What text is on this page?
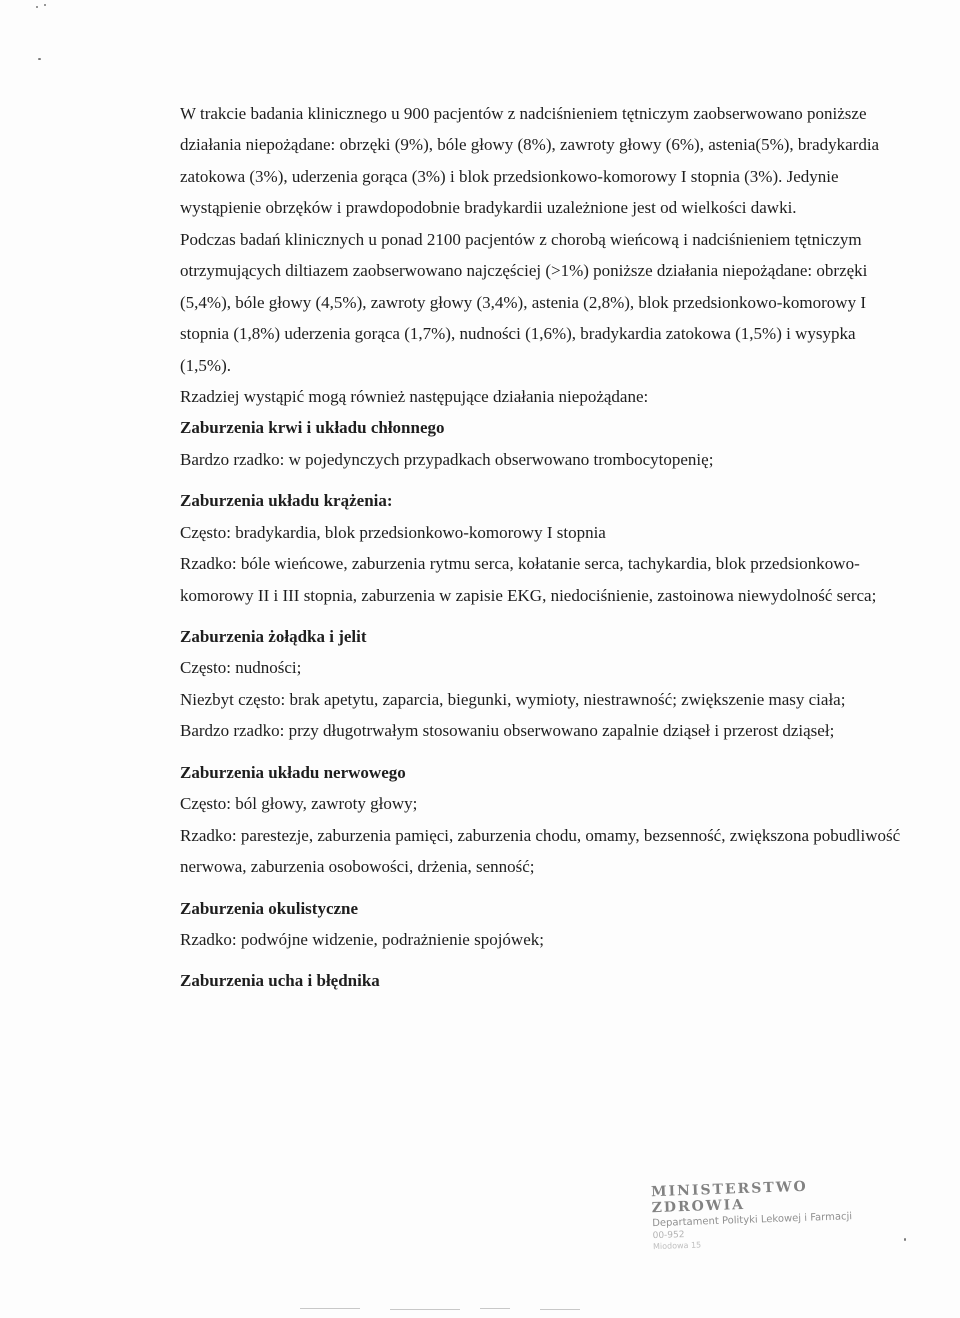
W trakcie badania klinicznego u 900 pacjentów z nadciśnieniem tętniczym zaobserwowano poniższe działania niepożądane: obrzęki (9%), bóle głowy (8%), zawroty głowy (6%), astenia(5%), bradykardia zatokowa (3%), uderzenia gorąca (3%) i blok przedsionkowo-komorowy I stopnia (3%). Jedynie wystąpienie obrzęków i prawdopodobnie bradykardii uzależnione jest od wielkości dawki.

Podczas badań klinicznych u ponad 2100 pacjentów z chorobą wieńcową i nadciśnieniem tętniczym otrzymujących diltiazem zaobserwowano najczęściej (>1%) poniższe działania niepożądane: obrzęki (5,4%), bóle głowy (4,5%), zawroty głowy (3,4%), astenia (2,8%), blok przedsionkowo-komorowy I stopnia (1,8%) uderzenia gorąca (1,7%), nudności (1,6%), bradykardia zatokowa (1,5%) i wysypka (1,5%).

Rzadziej wystąpić mogą również następujące działania niepożądane:

Zaburzenia krwi i układu chłonnego

Bardzo rzadko: w pojedynczych przypadkach obserwowano trombocytopenię;

Zaburzenia układu krążenia:

Często: bradykardia, blok przedsionkowo-komorowy I stopnia

Rzadko: bóle wieńcowe, zaburzenia rytmu serca, kołatanie serca, tachykardia, blok przedsionkowo-komorowy II i III stopnia, zaburzenia w zapisie EKG, niedociśnienie, zastoinowa niewydolność serca;

Zaburzenia żołądka i jelit

Często: nudności;

Niezbyt często: brak apetytu, zaparcia, biegunki, wymioty, niestrawność; zwiększenie masy ciała;

Bardzo rzadko: przy długotrwałym stosowaniu obserwowano zapalnie dziąseł i przerost dziąseł;

Zaburzenia układu nerwowego

Często: ból głowy, zawroty głowy;

Rzadko: parestezje, zaburzenia pamięci, zaburzenia chodu, omamy, bezsenność, zwiększona pobudliwość nerwowa, zaburzenia osobowości, drżenia, senność;

Zaburzenia okulistyczne

Rzadko: podwójne widzenie, podrażnienie spojówek;

Zaburzenia ucha i błędnika

MINISTERSTWO ZDROWIA
Departament Polityki Lekowej i Farmacji
00-952
Miodowa 15
